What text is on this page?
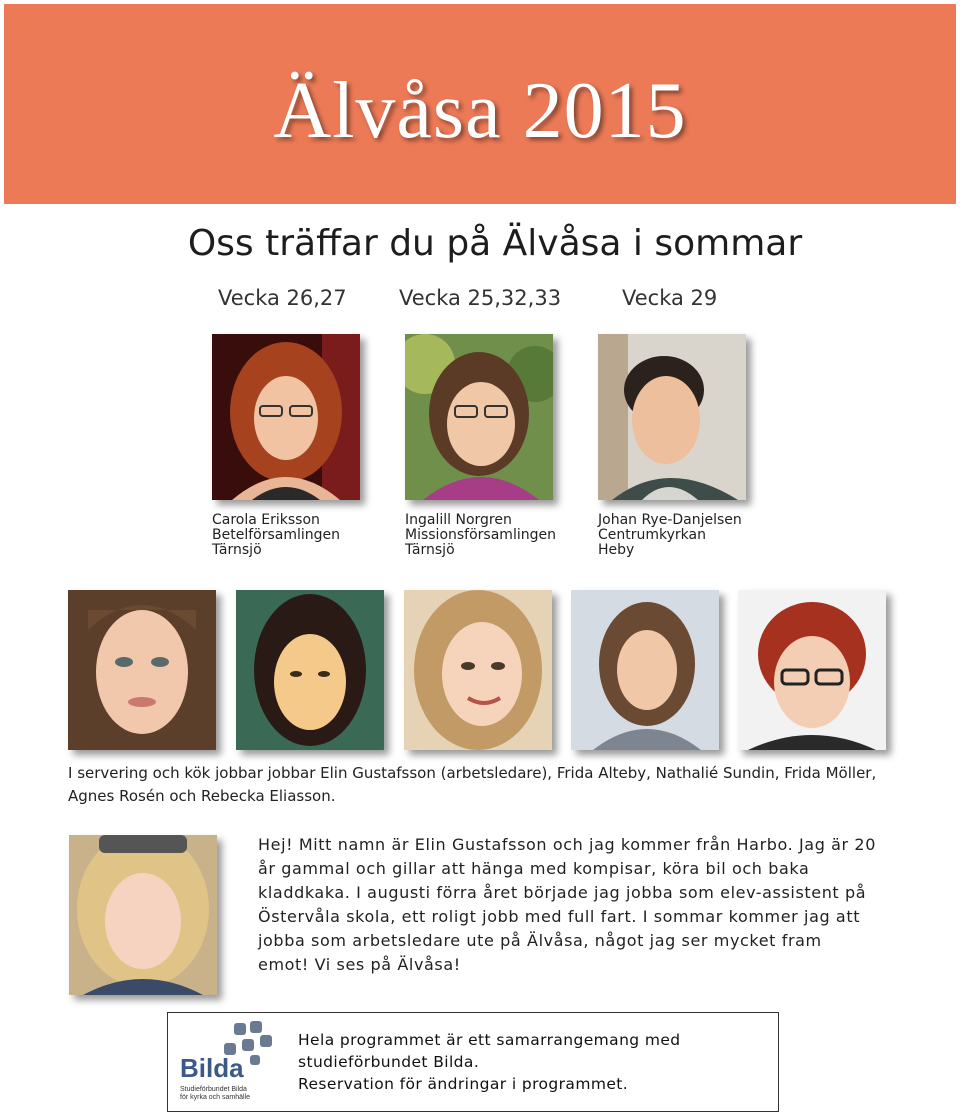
Älvåsa 2015
Oss träffar du på Älvåsa i sommar
Vecka 26,27 Vecka 25,32,33	Vecka 29
Carola Eriksson
Betelförsamlingen
Tärnsjö
Ingalill Norgren
Missionsförsamlingen
Tärnsjö
Johan Rye-Danjelsen
Centrumkyrkan
Heby
I servering och kök jobbar jobbar Elin Gustafsson (arbetsledare), Frida Alteby, Nathalié Sundin, Frida Möller, Agnes Rosén och Rebecka Eliasson.
Hej! Mitt namn är Elin Gustafsson och jag kommer från Harbo. Jag är 20 år gammal och gillar att hänga med kompisar, köra bil och baka kladdkaka. I augusti förra året började jag jobba som elev-assistent på Östervåla skola, ett roligt jobb med full fart. I sommar kommer jag att jobba som arbetsledare ute på Älvåsa, något jag ser mycket fram emot! Vi ses på Älvåsa!
Bilda
Studieförbundet Bilda
för kyrka och samhälle
Hela programmet är ett samarrangemang med
studieförbundet Bilda.
Reservation för ändringar i programmet.
